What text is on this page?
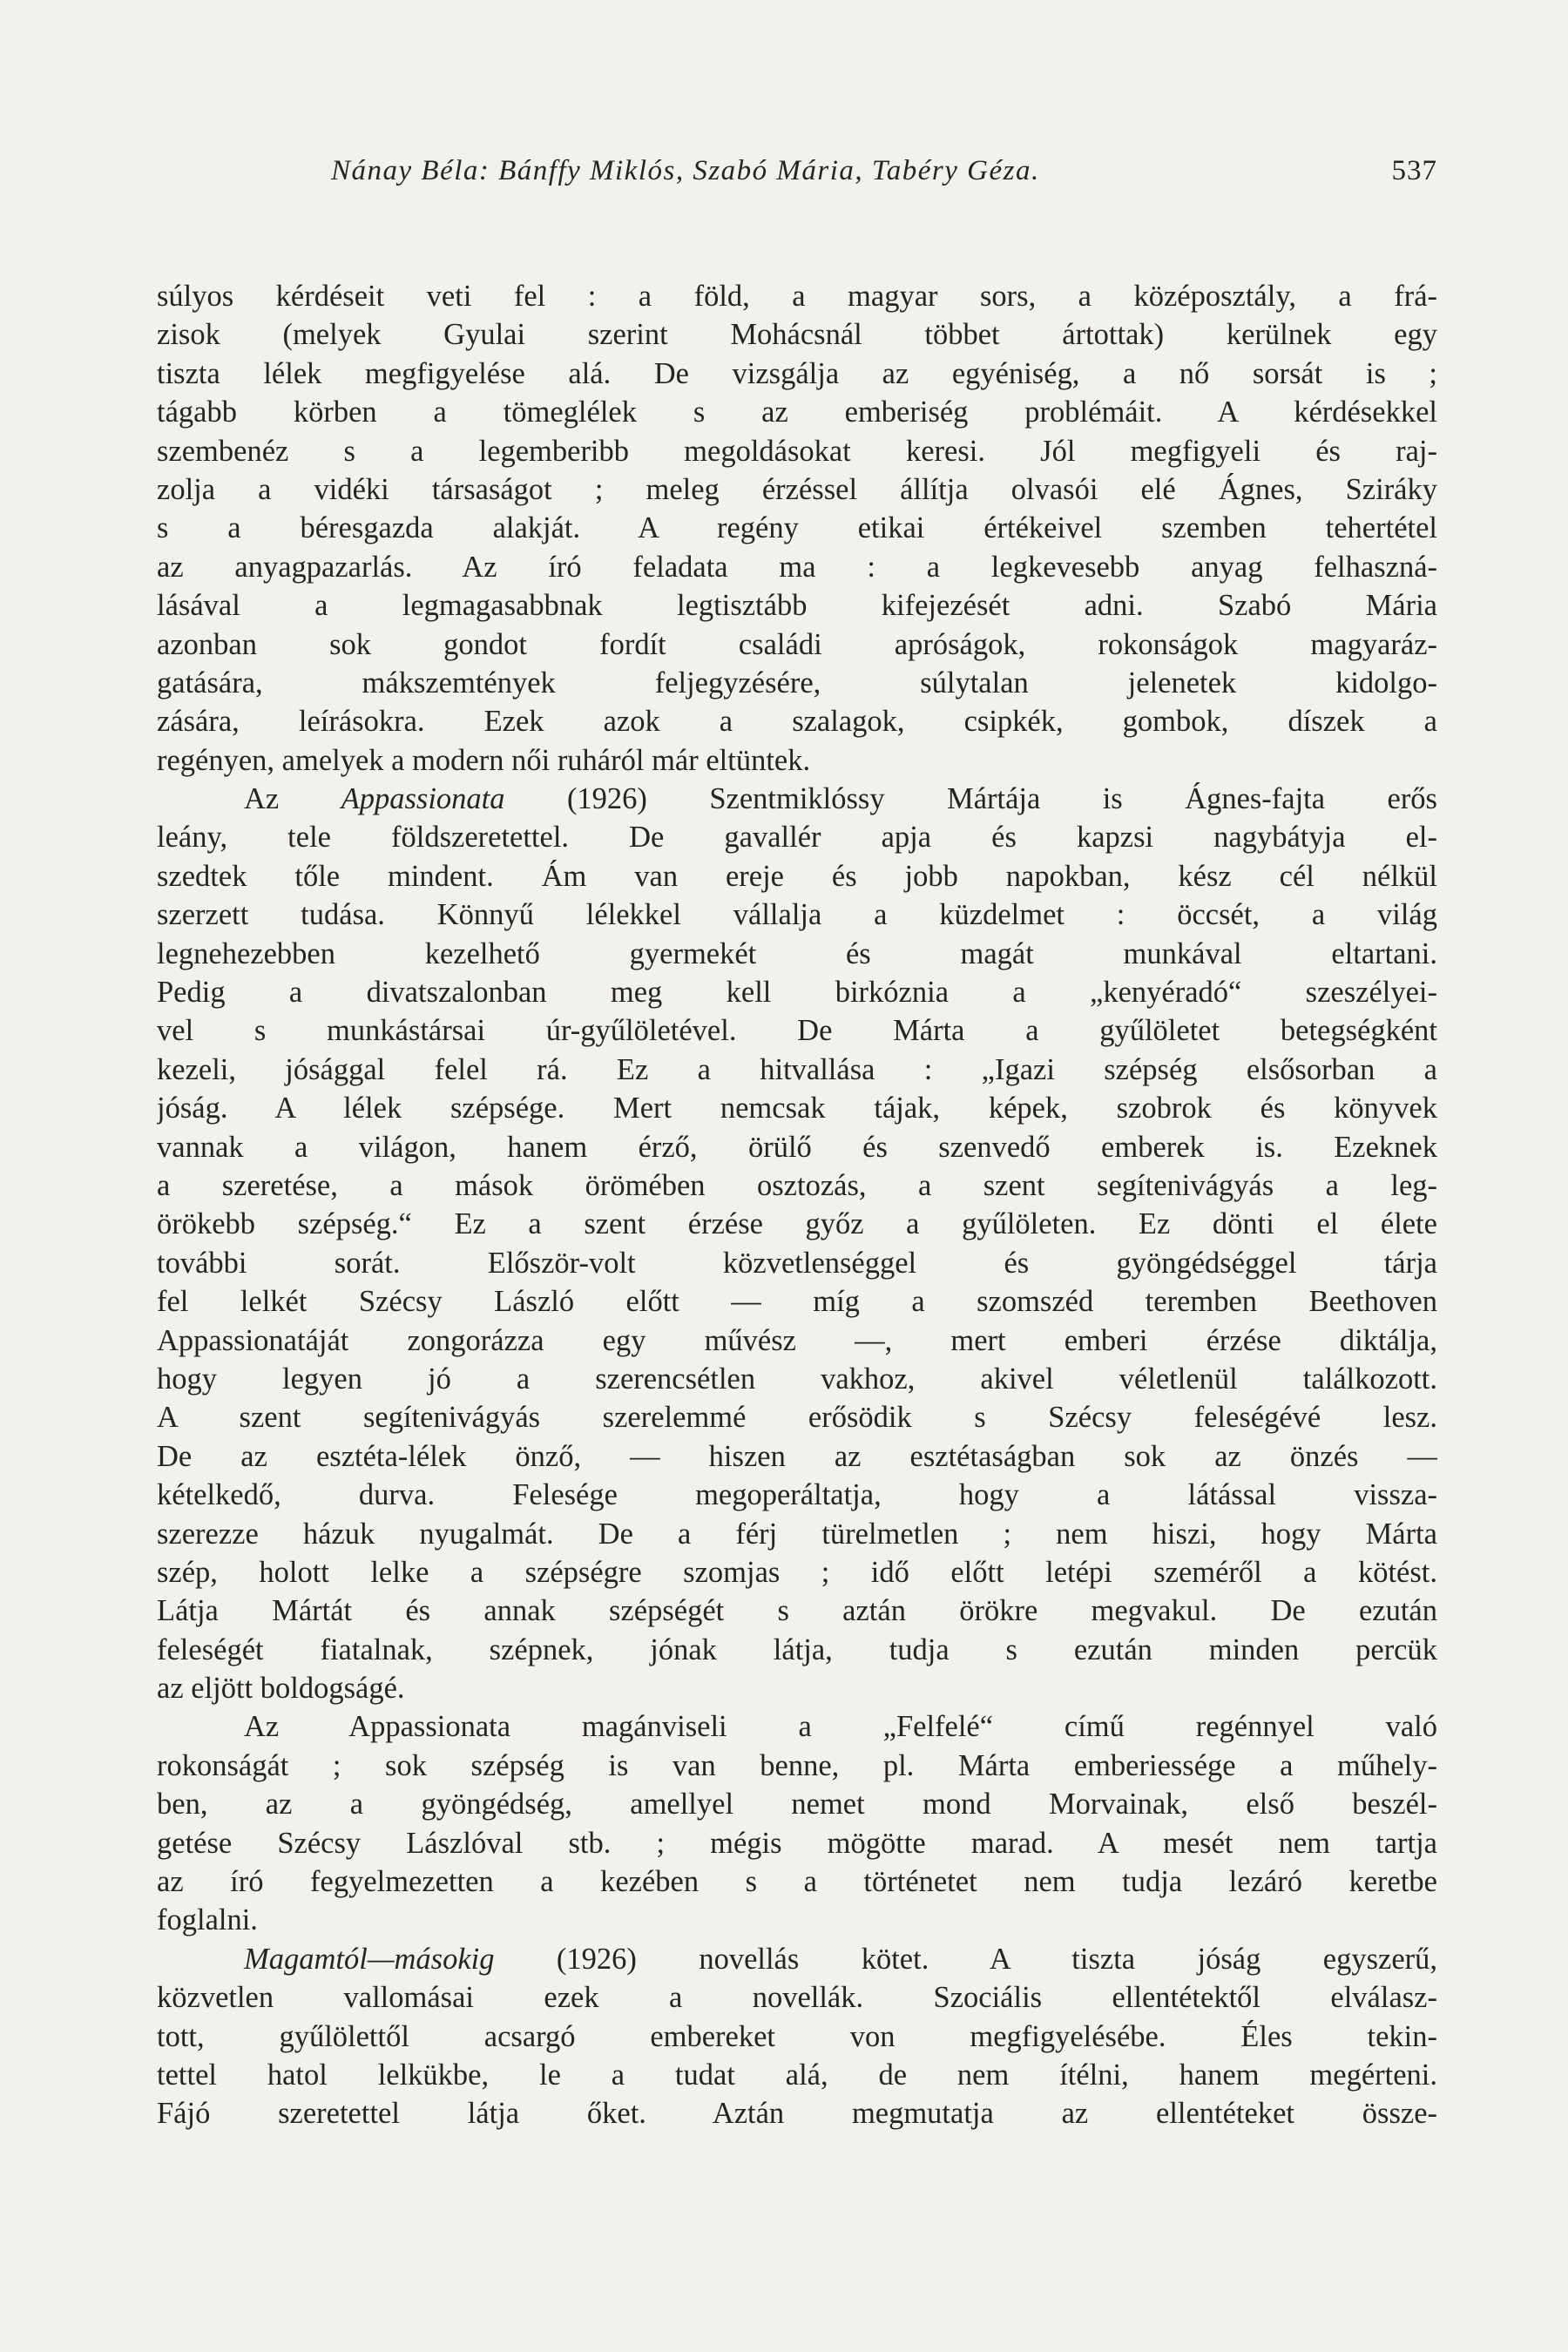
Nánay Béla: Bánffy Miklós, Szabó Mária, Tabéry Géza.	537
súlyos kérdéseit veti fel : a föld, a magyar sors, a középosztály, a frá-
zisok (melyek Gyulai szerint Mohácsnál többet ártottak) kerülnek egy
tiszta lélek megfigyelése alá. De vizsgálja az egyéniség, a nő sorsát is ;
tágabb körben a tömeglélek s az emberiség problémáit. A kérdésekkel
szembenéz s a legemberibb megoldásokat keresi. Jól megfigyeli és raj-
zolja a vidéki társaságot ; meleg érzéssel állítja olvasói elé Ágnes, Sziráky
s a béresgazda alakját. A regény etikai értékeivel szemben tehertétel
az anyagpazarlás. Az író feladata ma : a legkevesebb anyag felhaszná-
lásával a legmagasabbnak legtisztább kifejezését adni. Szabó Mária
azonban sok gondot fordít családi apróságok, rokonságok magyaráz-
gatására, mákszemtények feljegyzésére, súlytalan jelenetek kidolgo-
zására, leírásokra. Ezek azok a szalagok, csipkék, gombok, díszek a
regényen, amelyek a modern női ruháról már eltüntek.
Az Appassionata (1926) Szentmiklóssy Mártája is Ágnes-fajta erős
leány, tele földszeretettel. De gavallér apja és kapzsi nagybátyja el-
szedtek tőle mindent. Ám van ereje és jobb napokban, kész cél nélkül
szerzett tudása. Könnyű lélekkel vállalja a küzdelmet : öccsét, a világ
legnehezebben kezelhető gyermekét és magát munkával eltartani.
Pedig a divatszalonban meg kell birkóznia a „kenyéradó“ szeszélyei-
vel s munkástársai úr-gyűlöletével. De Márta a gyűlöletet betegségként
kezeli, jósággal felel rá. Ez a hitvallása : „Igazi szépség elsősorban a
jóság. A lélek szépsége. Mert nemcsak tájak, képek, szobrok és könyvek
vannak a világon, hanem érző, örülő és szenvedő emberek is. Ezeknek
a szeretése, a mások örömében osztozás, a szent segítenivágyás a leg-
örökebb szépség.“ Ez a szent érzése győz a gyűlöleten. Ez dönti el élete
további sorát. Először-volt közvetlenséggel és gyöngédséggel tárja
fel lelkét Szécsy László előtt — míg a szomszéd teremben Beethoven
Appassionatáját zongorázza egy művész —, mert emberi érzése diktálja,
hogy legyen jó a szerencsétlen vakhoz, akivel véletlenül találkozott.
A szent segítenivágyás szerelemmé erősödik s Szécsy feleségévé lesz.
De az esztéta-lélek önző, — hiszen az esztétaságban sok az önzés —
kételkedő, durva. Felesége megoperáltatja, hogy a látással vissza-
szerezze házuk nyugalmát. De a férj türelmetlen ; nem hiszi, hogy Márta
szép, holott lelke a szépségre szomjas ; idő előtt letépi szeméről a kötést.
Látja Mártát és annak szépségét s aztán örökre megvakul. De ezután
feleségét fiatalnak, szépnek, jónak látja, tudja s ezután minden percük
az eljött boldogságé.
Az Appassionata magánviseli a „Felfelé“ című regénnyel való
rokonságát ; sok szépség is van benne, pl. Márta emberiessége a műhely-
ben, az a gyöngédség, amellyel nemet mond Morvainak, első beszél-
getése Szécsy Lászlóval stb. ; mégis mögötte marad. A mesét nem tartja
az író fegyelmezetten a kezében s a történetet nem tudja lezáró keretbe
foglalni.
Magamtól—másokig (1926) novellás kötet. A tiszta jóság egyszerű,
közvetlen vallomásai ezek a novellák. Szociális ellentétektől elválasz-
tott, gyűlölettől acsargó embereket von megfigyelésébe. Éles tekin-
tettel hatol lelkükbe, le a tudat alá, de nem ítélni, hanem megérteni.
Fájó szeretettel látja őket. Aztán megmutatja az ellentéteket össze-
